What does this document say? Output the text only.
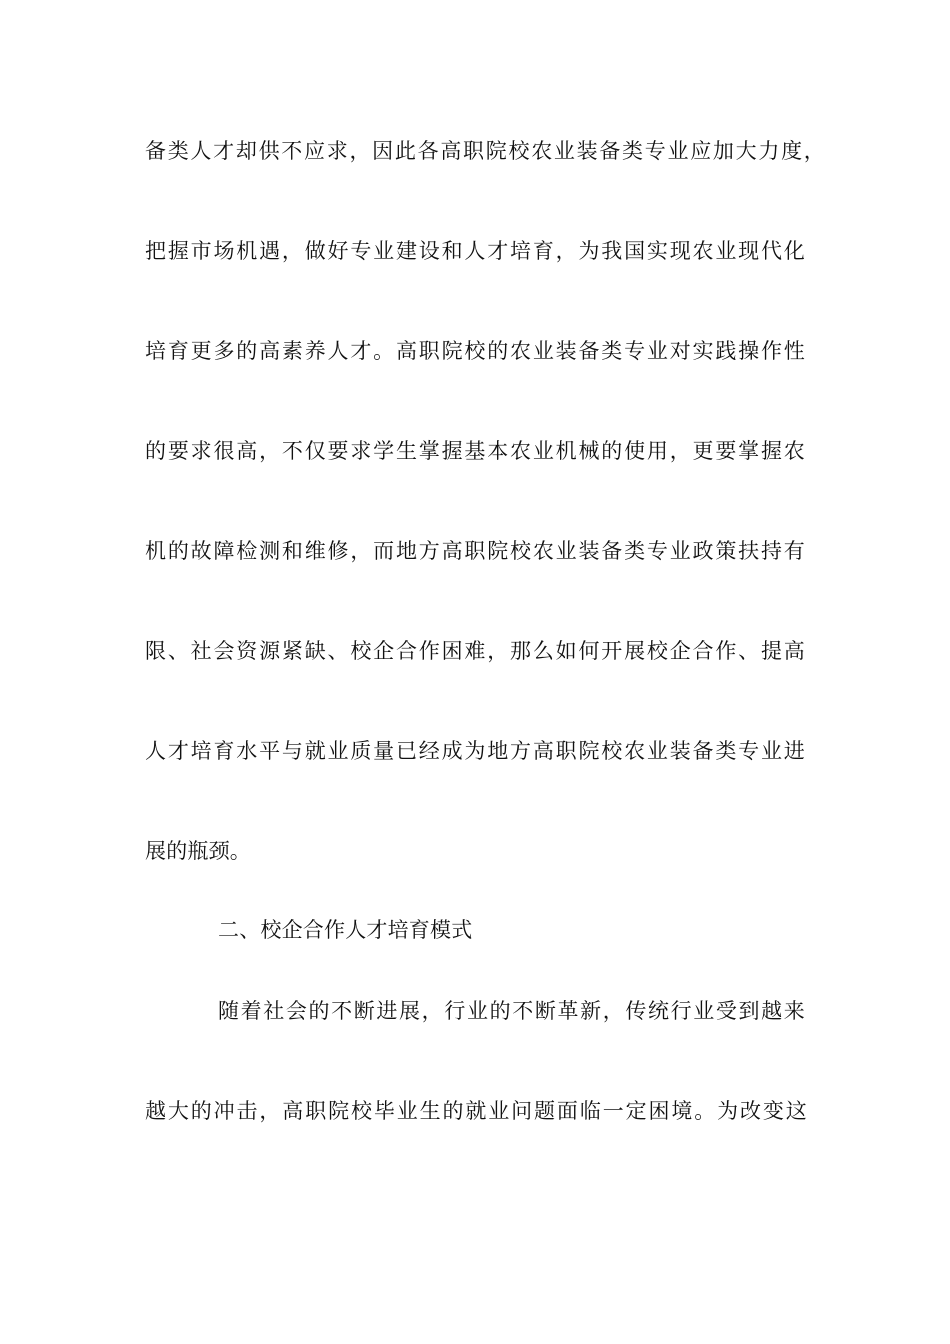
备类人才却供不应求，因此各高职院校农业装备类专业应加大力度，
把握市场机遇，做好专业建设和人才培育，为我国实现农业现代化
培育更多的高素养人才。高职院校的农业装备类专业对实践操作性
的要求很高，不仅要求学生掌握基本农业机械的使用，更要掌握农
机的故障检测和维修，而地方高职院校农业装备类专业政策扶持有
限、社会资源紧缺、校企合作困难，那么如何开展校企合作、提高
人才培育水平与就业质量已经成为地方高职院校农业装备类专业进
展的瓶颈。
二、校企合作人才培育模式
随着社会的不断进展，行业的不断革新，传统行业受到越来
越大的冲击，高职院校毕业生的就业问题面临一定困境。为改变这
